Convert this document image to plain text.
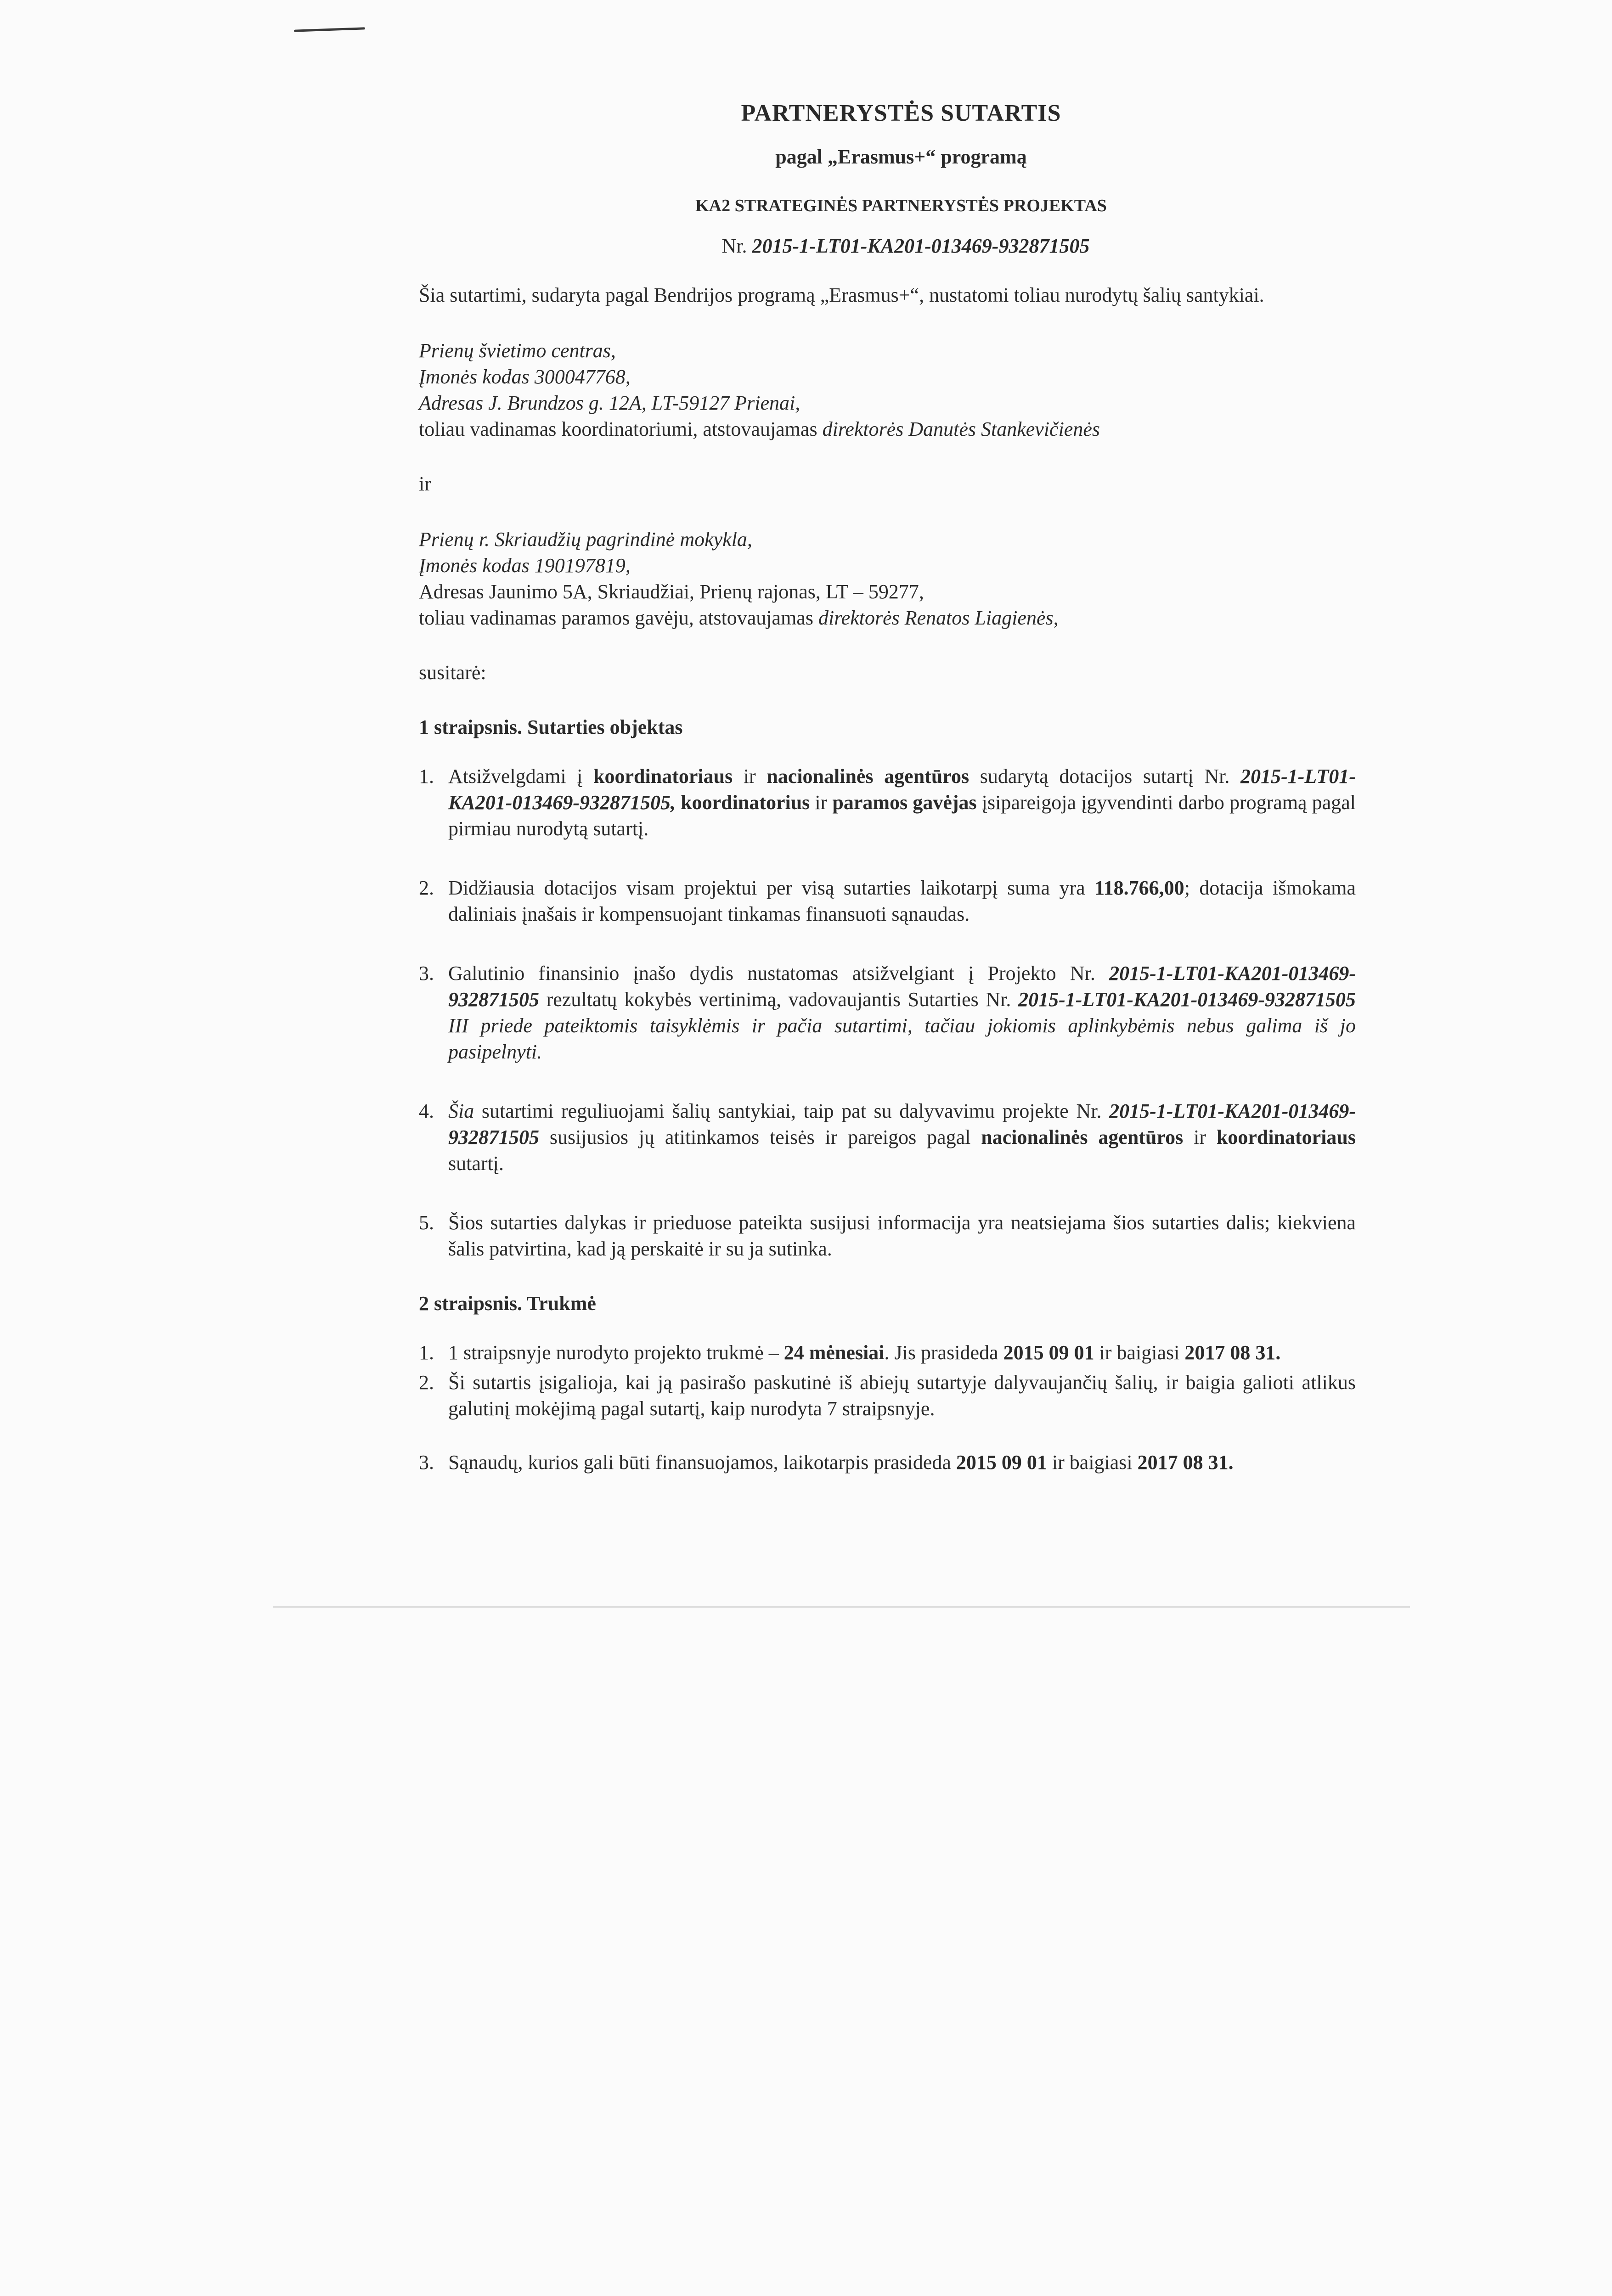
PARTNERYSTĖS SUTARTIS
pagal „Erasmus+“ programą
KA2 STRATEGINĖS PARTNERYSTĖS PROJEKTAS
Nr. 2015-1-LT01-KA201-013469-932871505

Šia sutartimi, sudaryta pagal Bendrijos programą „Erasmus+“, nustatomi toliau nurodytų šalių santykiai.

Prienų švietimo centras,
Įmonės kodas 300047768,
Adresas J. Brundzos g. 12A, LT-59127 Prienai,
toliau vadinamas koordinatoriumi, atstovaujamas direktorės Danutės Stankevičienės
ir
Prienų r. Skriaudžių pagrindinė mokykla,
Įmonės kodas 190197819,
Adresas Jaunimo 5A, Skriaudžiai, Prienų rajonas, LT – 59277,
toliau vadinamas paramos gavėju, atstovaujamas direktorės Renatos Liagienės,
susitarė:
1 straipsnis. Sutarties objektas
1. Atsižvelgdami į koordinatoriaus ir nacionalinės agentūros sudarytą dotacijos sutartį Nr. 2015-1-LT01-KA201-013469-932871505, koordinatorius ir paramos gavėjas įsipareigoja įgyvendinti darbo programą pagal pirmiau nurodytą sutartį.
2. Didžiausia dotacijos visam projektui per visą sutarties laikotarpį suma yra 118.766,00; dotacija išmokama daliniais įnašais ir kompensuojant tinkamas finansuoti sąnaudas.
3. Galutinio finansinio įnašo dydis nustatomas atsižvelgiant į Projekto Nr. 2015-1-LT01-KA201-013469-932871505 rezultatų kokybės vertinimą, vadovaujantis Sutarties Nr. 2015-1-LT01-KA201-013469-932871505 III priede pateiktomis taisyklėmis ir pačia sutartimi, tačiau jokiomis aplinkybėmis nebus galima iš jo pasipelnyti.
4. Šia sutartimi reguliuojami šalių santykiai, taip pat su dalyvavimu projekte Nr. 2015-1-LT01-KA201-013469-932871505 susijusios jų atitinkamos teisės ir pareigos pagal nacionalinės agentūros ir koordinatoriaus sutartį.
5. Šios sutarties dalykas ir prieduose pateikta susijusi informacija yra neatsiejama šios sutarties dalis; kiekviena šalis patvirtina, kad ją perskaitė ir su ja sutinka.
2 straipsnis. Trukmė
1. 1 straipsnyje nurodyto projekto trukmė – 24 mėnesiai. Jis prasideda 2015 09 01 ir baigiasi 2017 08 31.
2. Ši sutartis įsigalioja, kai ją pasirašo paskutinė iš abiejų sutartyje dalyvaujančių šalių, ir baigia galioti atlikus galutinį mokėjimą pagal sutartį, kaip nurodyta 7 straipsnyje.
3. Sąnaudų, kurios gali būti finansuojamos, laikotarpis prasideda 2015 09 01 ir baigiasi 2017 08 31.
